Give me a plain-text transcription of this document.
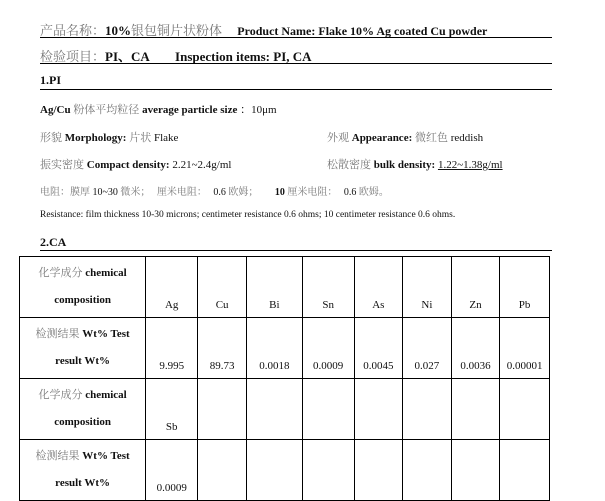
产品名称：10%银包铜片状粉体 Product Name: Flake 10% Ag coated Cu powder
检验项目：PI、CA Inspection items: PI, CA
1.PI
Ag/Cu 粉体平均粒径 average particle size ：10μm
形貌 Morphology: 片状 Flake	外观 Appearance: 微红色 reddish
振实密度 Compact density: 2.21~2.4g/ml	松散密度 bulk density: 1.22~1.38g/ml
电阻：膜厚 10~30 微米； 厘米电阻： 0.6 欧姆； 10 厘米电阻： 0.6 欧姆。
Resistance: film thickness 10-30 microns; centimeter resistance 0.6 ohms; 10 centimeter resistance 0.6 ohms.
2.CA
化学成分 chemical
composition	Ag	Cu	Bi	Sn	As	Ni	Zn	Pb
检测结果 Wt% Test
result Wt%	9.995	89.73	0.0018	0.0009	0.0045	0.027	0.0036	0.00001
化学成分 chemical
composition	Sb							
检测结果 Wt% Test
result Wt%	0.0009							
